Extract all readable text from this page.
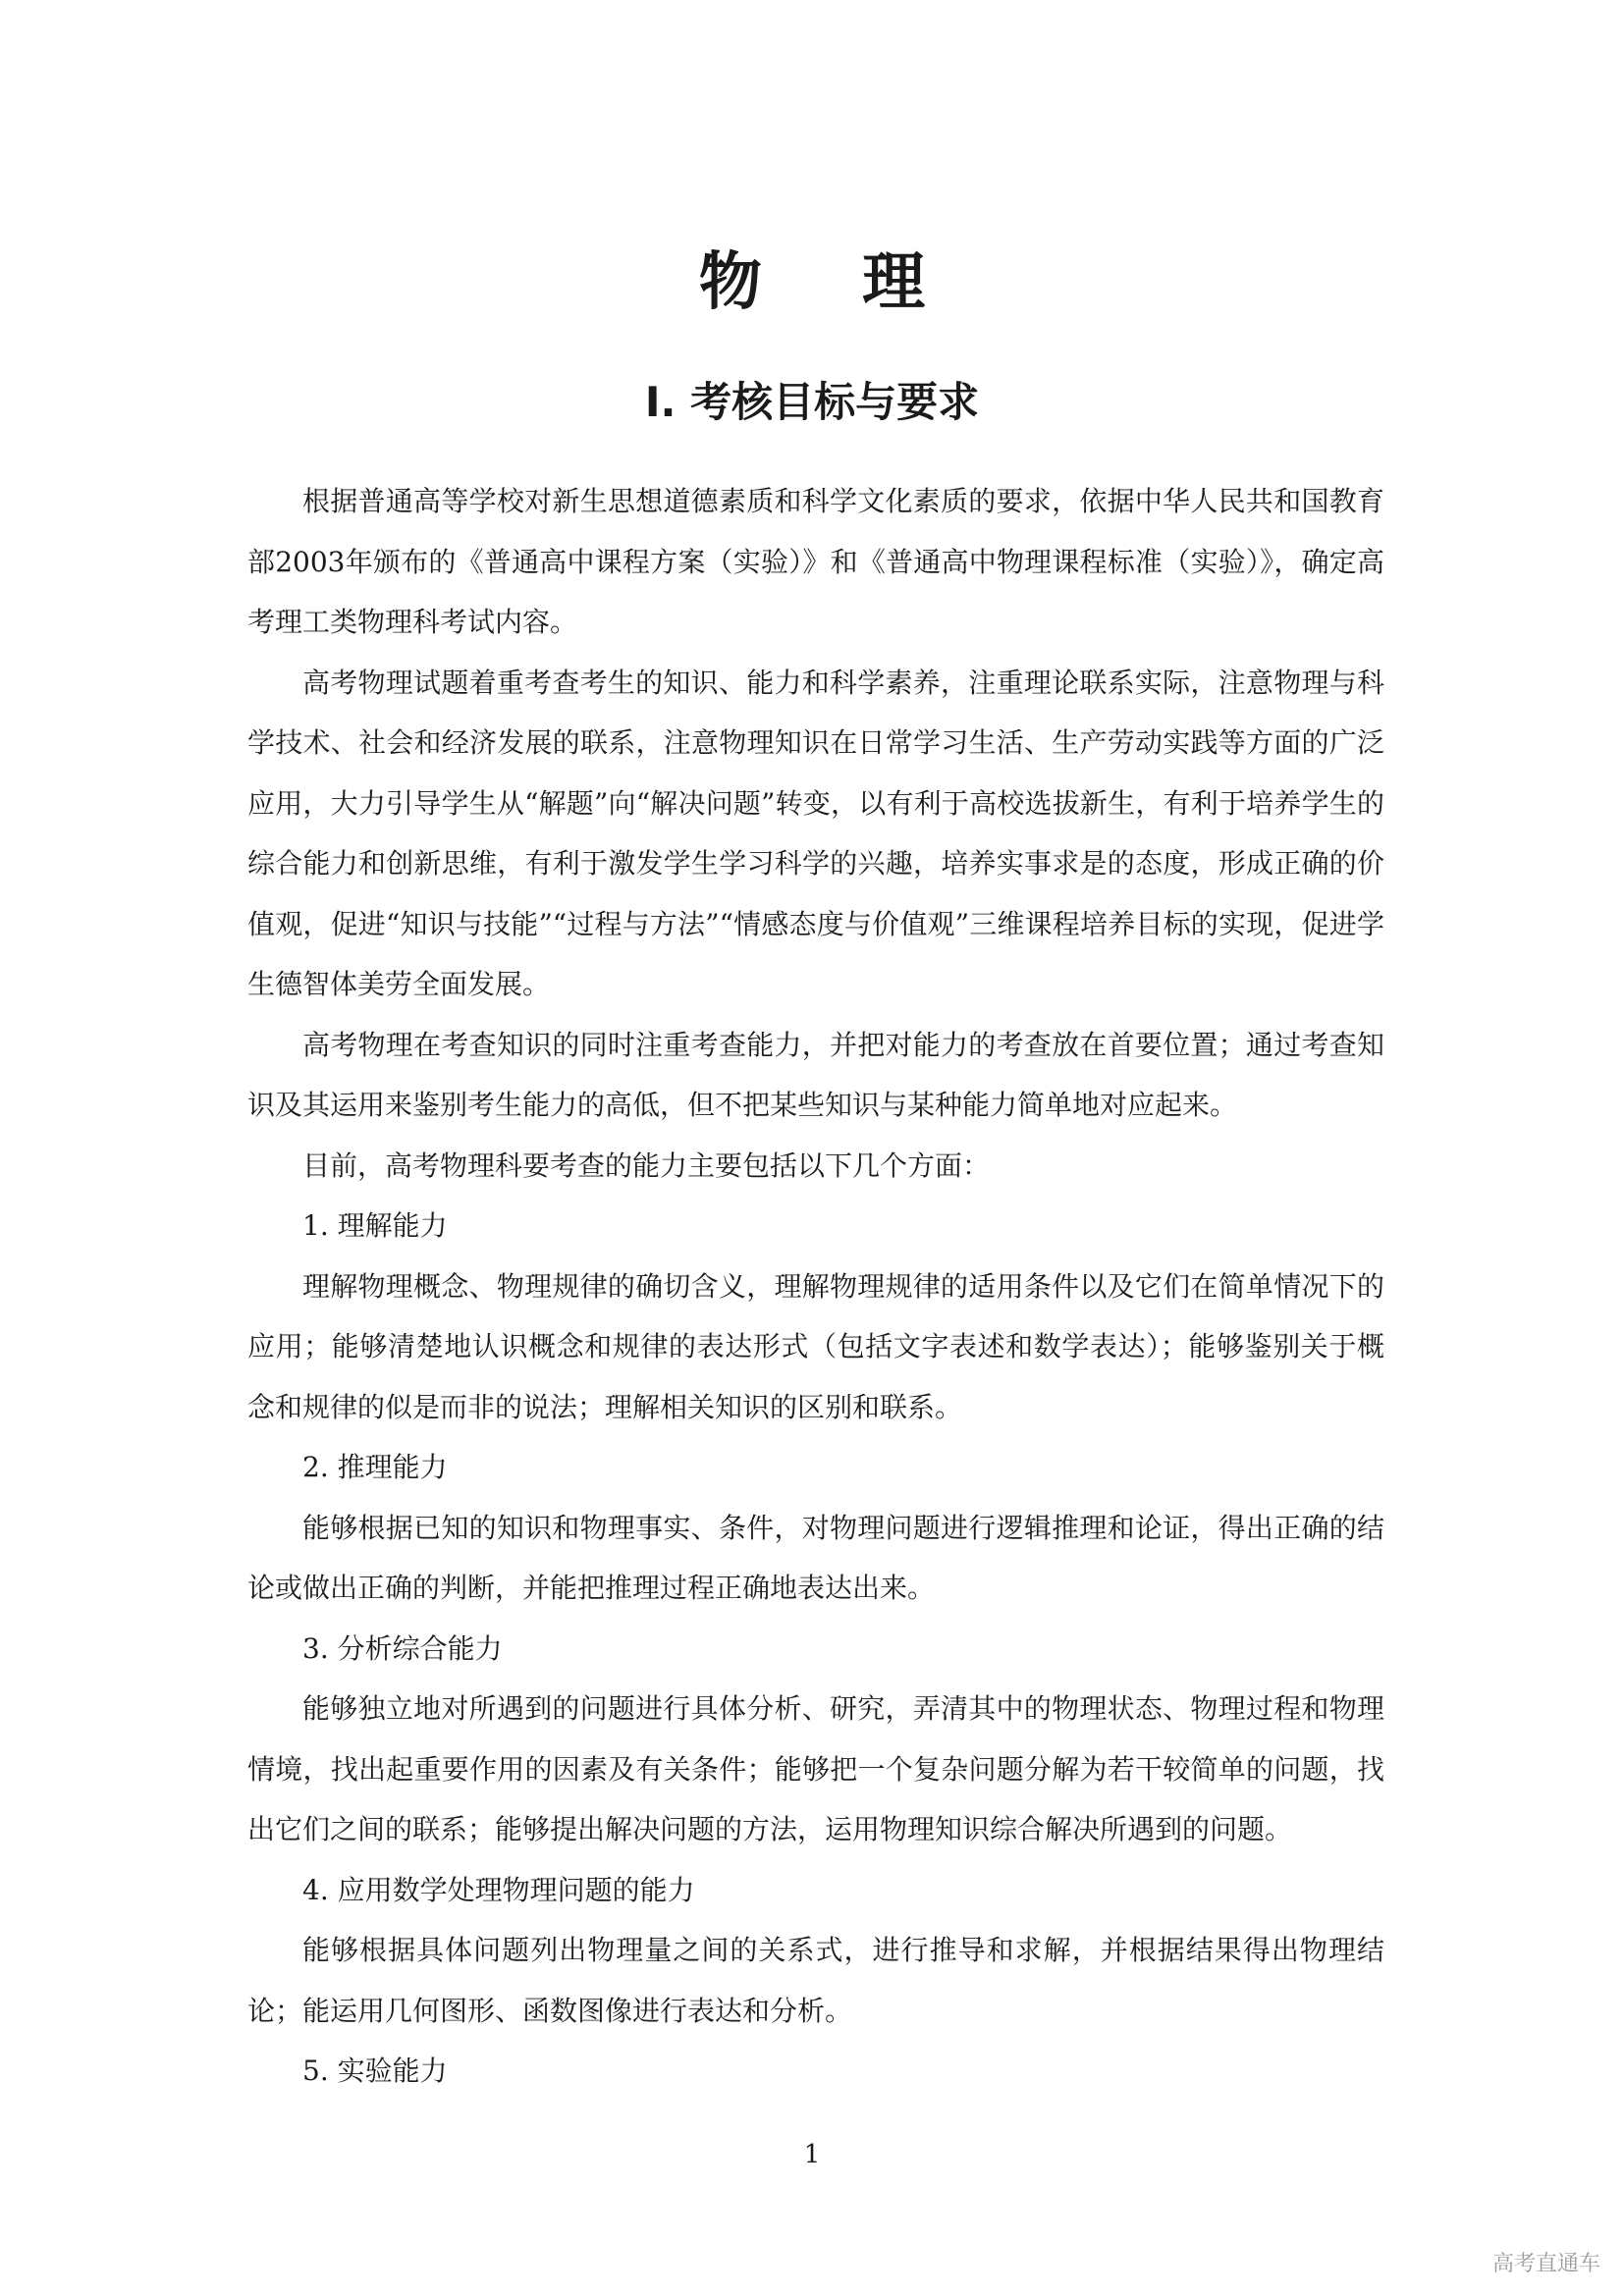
物 理
Ⅰ. 考核目标与要求

根据普通高等学校对新生思想道德素质和科学文化素质的要求，依据中华人民共和国教育部2003年颁布的《普通高中课程方案（实验）》和《普通高中物理课程标准（实验）》，确定高考理工类物理科考试内容。

高考物理试题着重考查考生的知识、能力和科学素养，注重理论联系实际，注意物理与科学技术、社会和经济发展的联系，注意物理知识在日常学习生活、生产劳动实践等方面的广泛应用，大力引导学生从“解题”向“解决问题”转变，以有利于高校选拔新生，有利于培养学生的综合能力和创新思维，有利于激发学生学习科学的兴趣，培养实事求是的态度，形成正确的价值观，促进“知识与技能”“过程与方法”“情感态度与价值观”三维课程培养目标的实现，促进学生德智体美劳全面发展。

高考物理在考查知识的同时注重考查能力，并把对能力的考查放在首要位置；通过考查知识及其运用来鉴别考生能力的高低，但不把某些知识与某种能力简单地对应起来。

目前，高考物理科要考查的能力主要包括以下几个方面：

1. 理解能力

理解物理概念、物理规律的确切含义，理解物理规律的适用条件以及它们在简单情况下的应用；能够清楚地认识概念和规律的表达形式（包括文字表述和数学表达）；能够鉴别关于概念和规律的似是而非的说法；理解相关知识的区别和联系。

2. 推理能力

能够根据已知的知识和物理事实、条件，对物理问题进行逻辑推理和论证，得出正确的结论或做出正确的判断，并能把推理过程正确地表达出来。

3. 分析综合能力

能够独立地对所遇到的问题进行具体分析、研究，弄清其中的物理状态、物理过程和物理情境，找出起重要作用的因素及有关条件；能够把一个复杂问题分解为若干较简单的问题，找出它们之间的联系；能够提出解决问题的方法，运用物理知识综合解决所遇到的问题。

4. 应用数学处理物理问题的能力

能够根据具体问题列出物理量之间的关系式，进行推导和求解，并根据结果得出物理结论；能运用几何图形、函数图像进行表达和分析。

5. 实验能力

1
高考直通车
